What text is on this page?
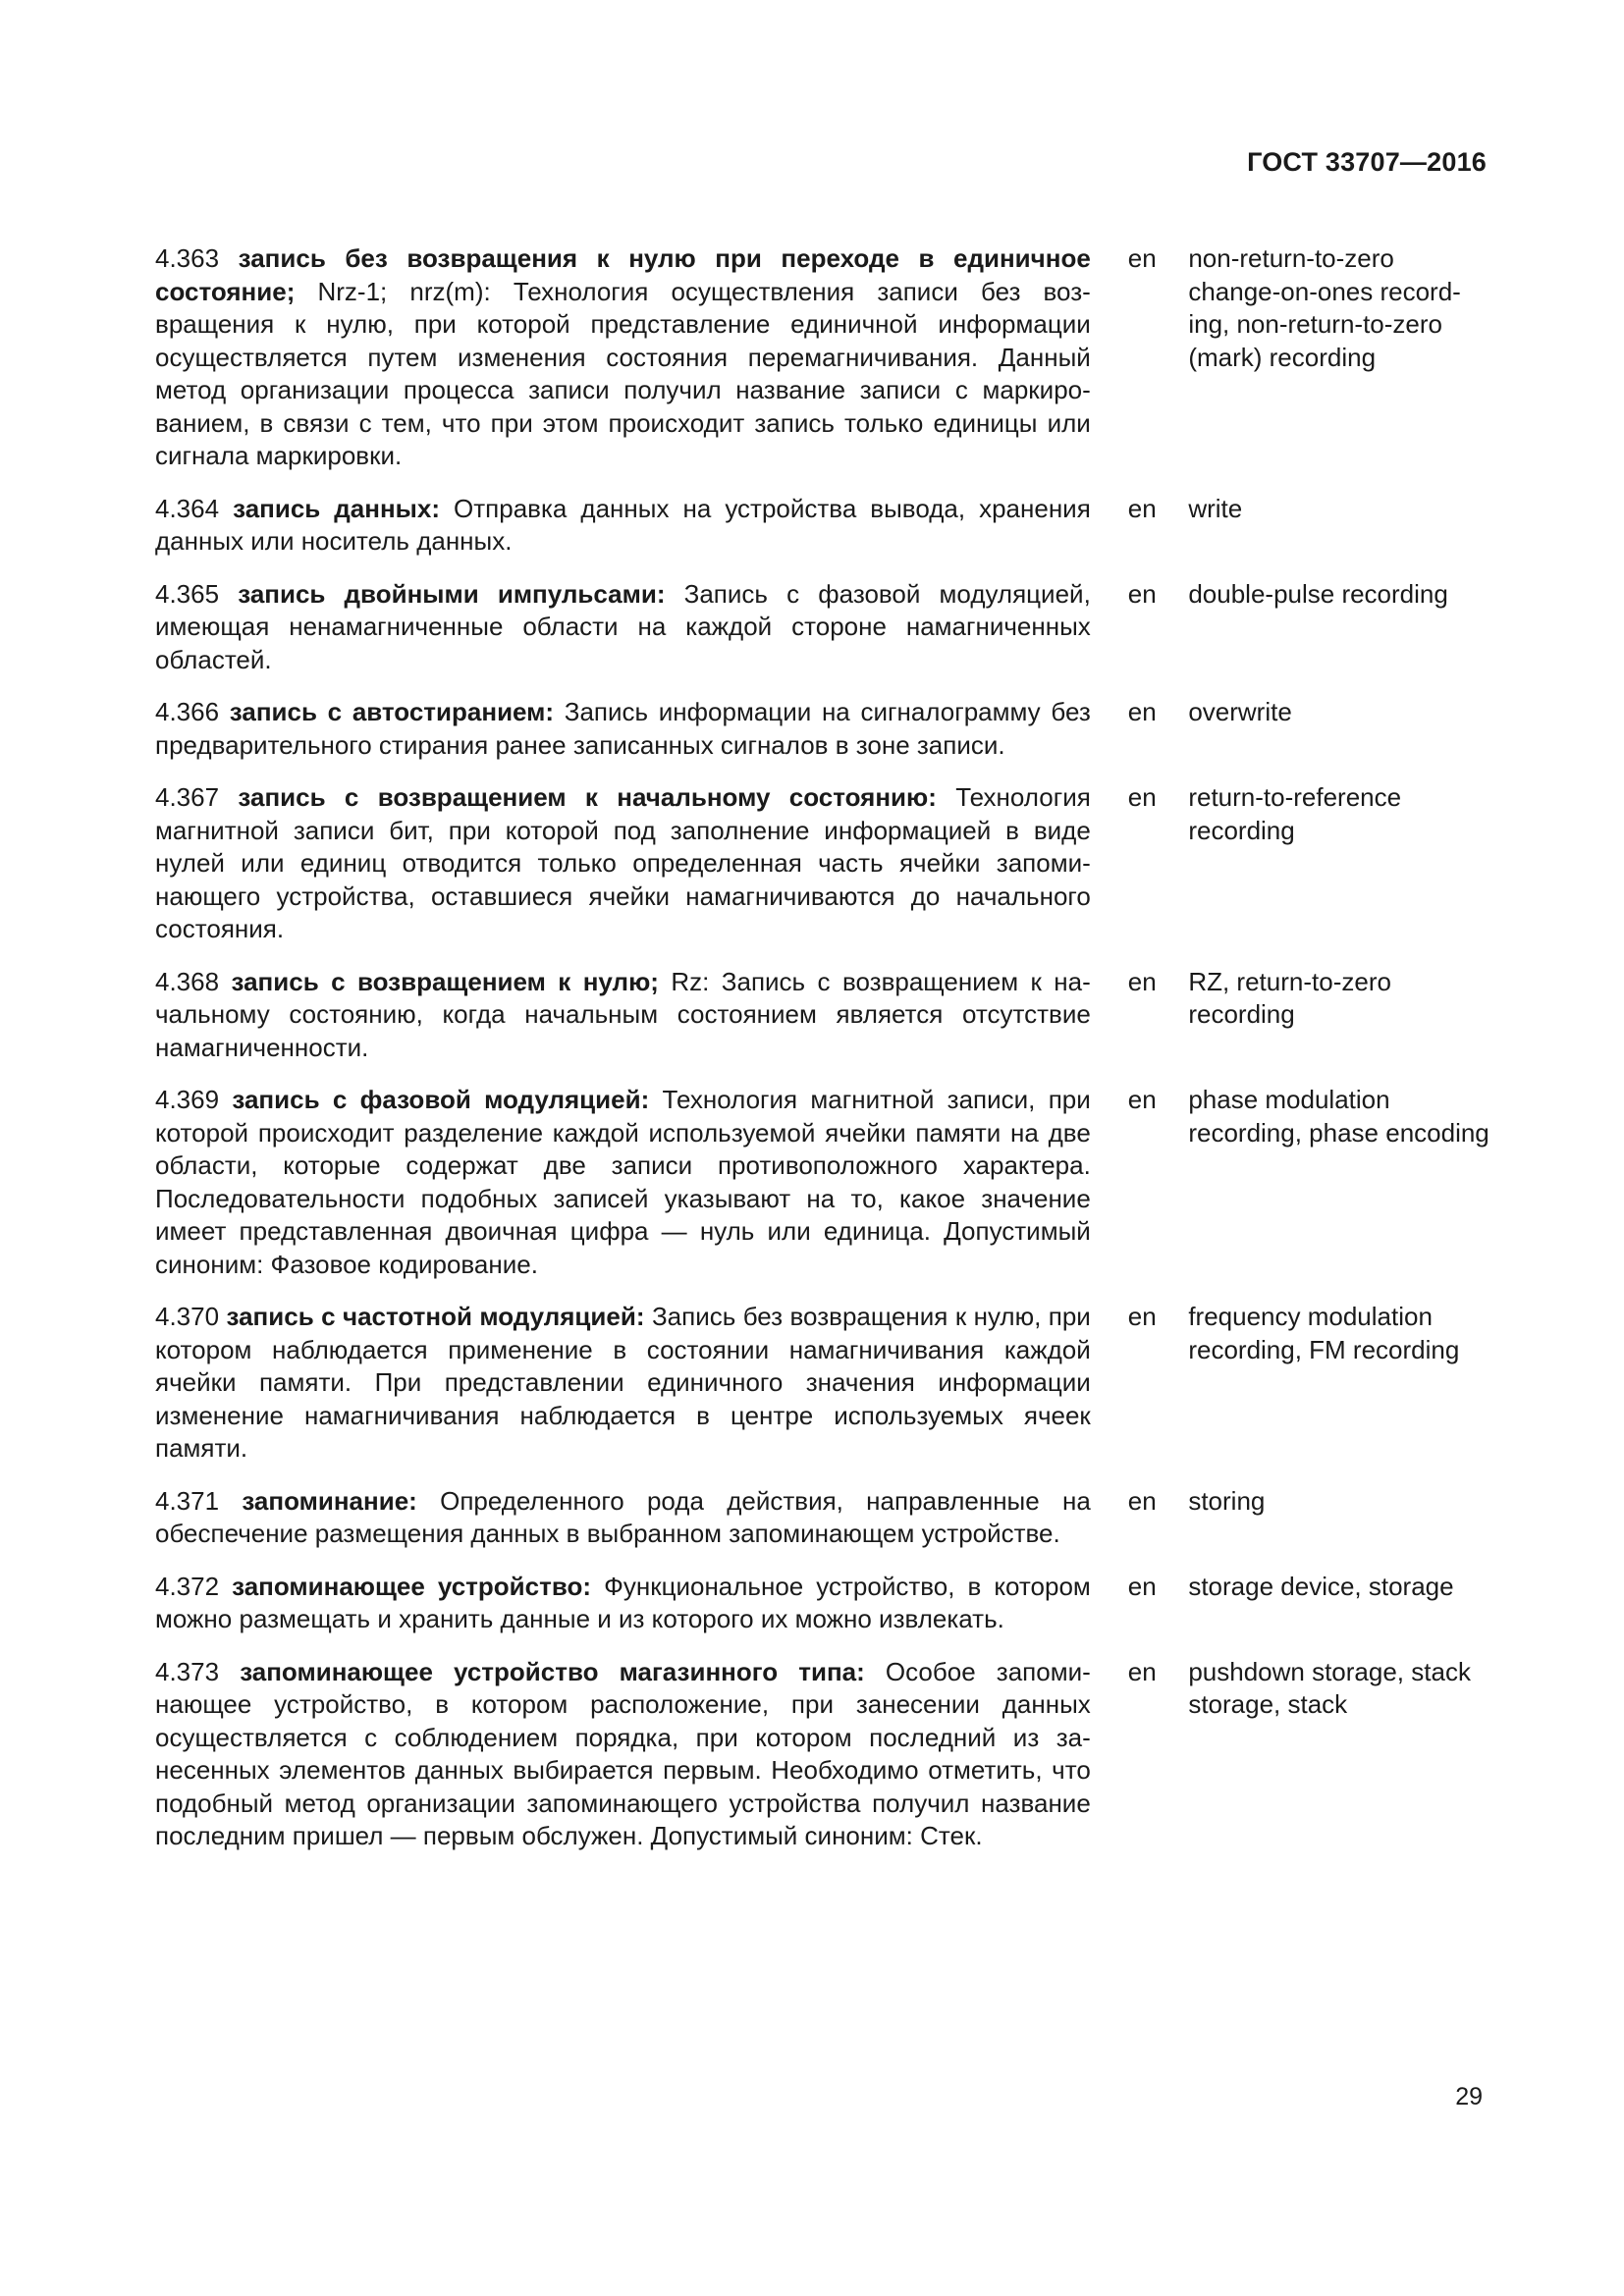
ГОСТ 33707—2016
4.363 запись без возвращения к нулю при переходе в единичное состояние; Nrz-1; nrz(m): Технология осуществления записи без возвращения к нулю, при которой представление единичной информации осуществляется путем изменения состояния перемагничивания. Данный метод организации процесса записи получил название записи с маркированием, в связи с тем, что при этом происходит запись только единицы или сигнала маркировки.
en	non-return-to-zero change-on-ones recording, non-return-to-zero (mark) recording
4.364 запись данных: Отправка данных на устройства вывода, хранения данных или носитель данных.
en	write
4.365 запись двойными импульсами: Запись с фазовой модуляцией, имеющая ненамагниченные области на каждой стороне намагниченных областей.
en	double-pulse recording
4.366 запись с автостиранием: Запись информации на сигналограмму без предварительного стирания ранее записанных сигналов в зоне записи.
en	overwrite
4.367 запись с возвращением к начальному состоянию: Технология магнитной записи бит, при которой под заполнение информацией в виде нулей или единиц отводится только определенная часть ячейки запоминающего устройства, оставшиеся ячейки намагничиваются до начального состояния.
en	return-to-reference recording
4.368 запись с возвращением к нулю; Rz: Запись с возвращением к начальному состоянию, когда начальным состоянием является отсутствие намагниченности.
en	RZ, return-to-zero recording
4.369 запись с фазовой модуляцией: Технология магнитной записи, при которой происходит разделение каждой используемой ячейки памяти на две области, которые содержат две записи противоположного характера. Последовательности подобных записей указывают на то, какое значение имеет представленная двоичная цифра — нуль или единица. Допустимый синоним: Фазовое кодирование.
en	phase modulation recording, phase encoding
4.370 запись с частотной модуляцией: Запись без возвращения к нулю, при котором наблюдается применение в состоянии намагничивания каждой ячейки памяти. При представлении единичного значения информации изменение намагничивания наблюдается в центре используемых ячеек памяти.
en	frequency modulation recording, FM recording
4.371 запоминание: Определенного рода действия, направленные на обеспечение размещения данных в выбранном запоминающем устройстве.
en	storing
4.372 запоминающее устройство: Функциональное устройство, в котором можно размещать и хранить данные и из которого их можно извлекать.
en	storage device, storage
4.373 запоминающее устройство магазинного типа: Особое запоминающее устройство, в котором расположение, при занесении данных осуществляется с соблюдением порядка, при котором последний из занесенных элементов данных выбирается первым. Необходимо отметить, что подобный метод организации запоминающего устройства получил название последним пришел — первым обслужен. Допустимый синоним: Стек.
en	pushdown storage, stack storage, stack
29
